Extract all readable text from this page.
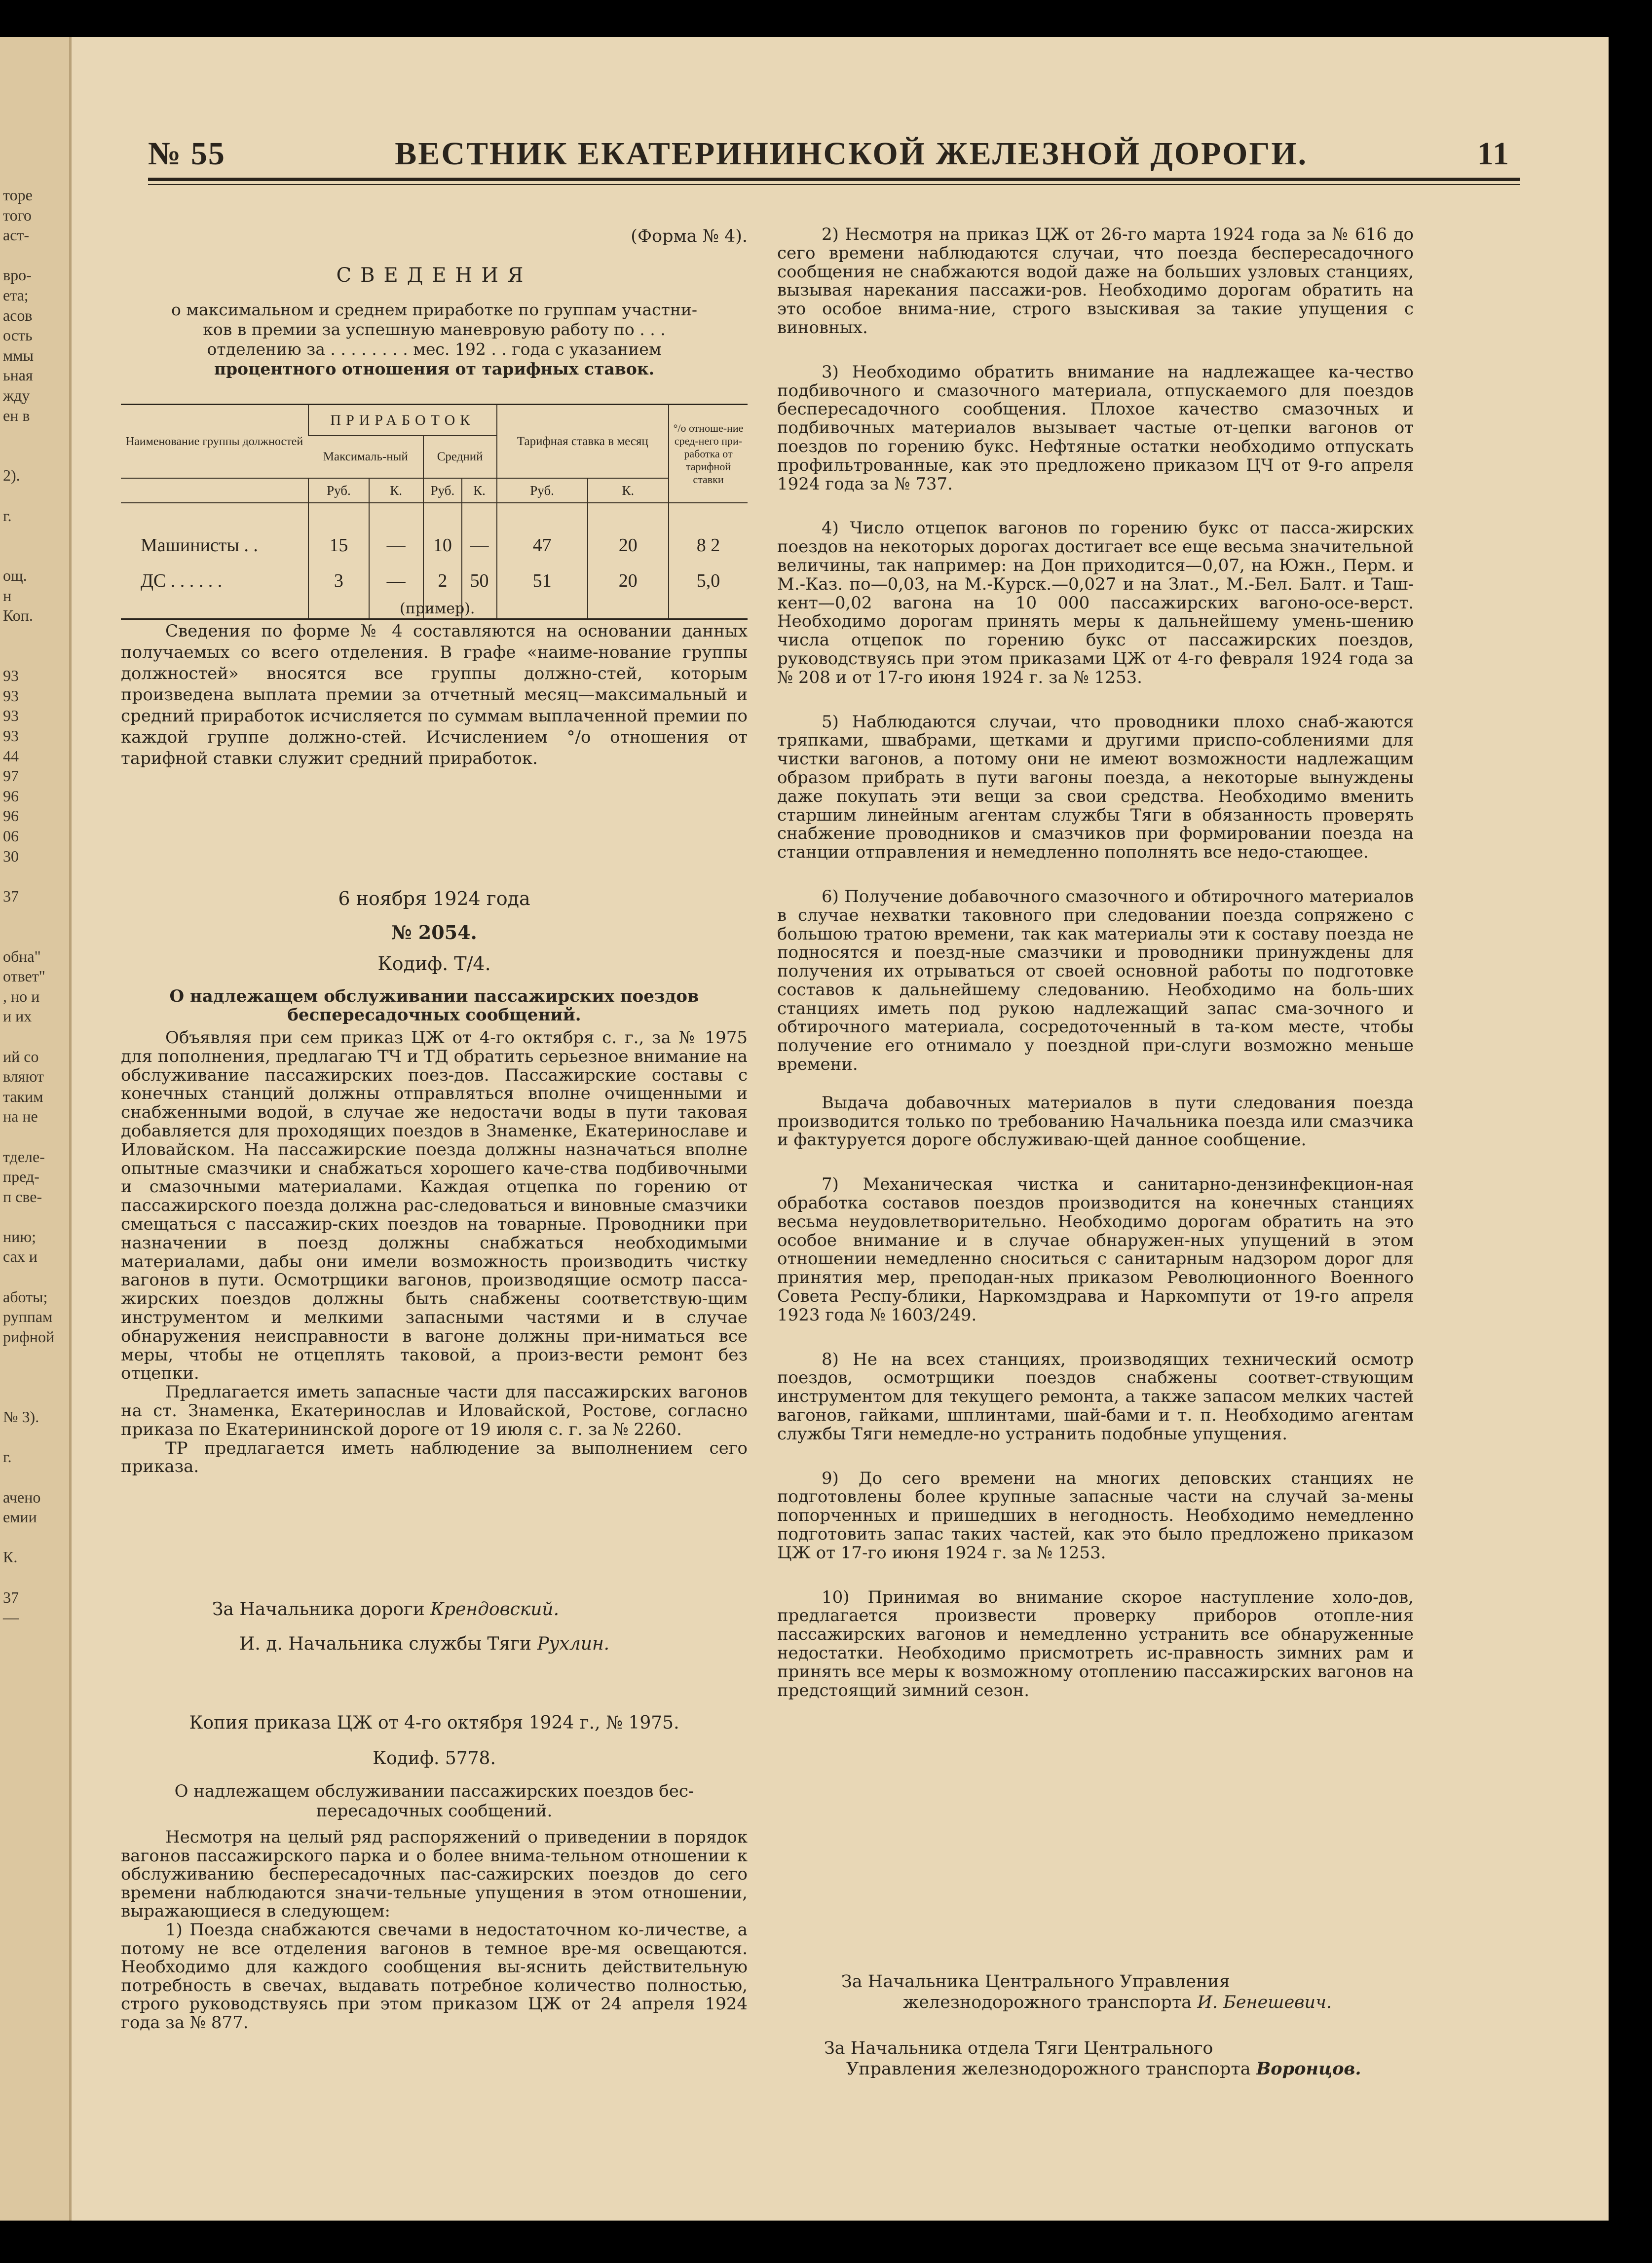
торе
того
аст-
вро-
ета;
асов
ость
ммы
ьная
жду
ен в
2).
г.
ощ.
н
Коп.
93
93
93
93
44
97
96
96
06
30
37
обна"
ответ"
, но и
и их
ий со
вляют
таким
на не
тделе-
пред-
п све-
нию;
сах и
аботы;
руппам
рифной
№ 3).
г.
ачено
емии
К.
37
—
№ 55	ВЕСТНИК ЕКАТЕРИНИНСКОЙ ЖЕЛЕЗНОЙ ДОРОГИ.	11
(Форма № 4).
СВЕДЕНИЯ
о максимальном и среднем приработке по группам участни-
ков в премии за успешную маневровую работу по . . .
отделению за . . . . . . . . мес. 192 . . года с указанием
процентного отношения от тарифных ставок.
Наименование группы должностей	ПРИРАБОТОК				Тарифная ставка в месяц		°/о отноше-ние сред-него при-работка от тарифной ставки
	Максималь-ный		Средний				
	Руб.	К.	Руб.	К.	Руб.	К.	

Машинисты . .	15	—	10	—	47	20	8 2
ДС . . . . . .	3	—	2	50	51	20	5,0

(пример).
Сведения по форме № 4 составляются на основании данных получаемых со всего отделения. В графе «наиме-нование группы должностей» вносятся все группы должно-стей, которым произведена выплата премии за отчетный месяц—максимальный и средний приработок исчисляется по суммам выплаченной премии по каждой группе должно-стей. Исчислением °/о отношения от тарифной ставки служит средний приработок.
6 ноября 1924 года
№ 2054.
Кодиф. Т/4.
О надлежащем обслуживании пассажирских поездов беспересадочных сообщений.

Объявляя при сем приказ ЦЖ от 4-го октября с. г., за № 1975 для пополнения, предлагаю ТЧ и ТД обратить серьезное внимание на обслуживание пассажирских поез-дов. Пассажирские составы с конечных станций должны отправляться вполне очищенными и снабженными водой, в случае же недостачи воды в пути таковая добавляется для проходящих поездов в Знаменке, Екатеринославе и Иловайском. На пассажирские поезда должны назначаться вполне опытные смазчики и снабжаться хорошего каче-ства подбивочными и смазочными материалами. Каждая отцепка по горению от пассажирского поезда должна рас-следоваться и виновные смазчики смещаться с пассажир-ских поездов на товарные. Проводники при назначении в поезд должны снабжаться необходимыми материалами, дабы они имели возможность производить чистку вагонов в пути. Осмотрщики вагонов, производящие осмотр пасса-жирских поездов должны быть снабжены соответствую-щим инструментом и мелкими запасными частями и в случае обнаружения неисправности в вагоне должны при-ниматься все меры, чтобы не отцеплять таковой, а произ-вести ремонт без отцепки.

Предлагается иметь запасные части для пассажирских вагонов на ст. Знаменка, Екатеринослав и Иловайской, Ростове, согласно приказа по Екатерининской дороге от 19 июля с. г. за № 2260.

ТР предлагается иметь наблюдение за выполнением сего приказа.

За Начальника дороги Крендовский.
И. д. Начальника службы Тяги Рухлин.
Копия приказа ЦЖ от 4-го октября 1924 г., № 1975.
Кодиф. 5778.
О надлежащем обслуживании пассажирских поездов бес-пересадочных сообщений.

Несмотря на целый ряд распоряжений о приведении в порядок вагонов пассажирского парка и о более внима-тельном отношении к обслуживанию беспересадочных пас-сажирских поездов до сего времени наблюдаются значи-тельные упущения в этом отношении, выражающиеся в следующем:

1) Поезда снабжаются свечами в недостаточном ко-личестве, а потому не все отделения вагонов в темное вре-мя освещаются. Необходимо для каждого сообщения вы-яснить действительную потребность в свечах, выдавать потребное количество полностью, строго руководствуясь при этом приказом ЦЖ от 24 апреля 1924 года за № 877.

2) Несмотря на приказ ЦЖ от 26-го марта 1924 года за № 616 до сего времени наблюдаются случаи, что поезда беспересадочного сообщения не снабжаются водой даже на больших узловых станциях, вызывая нарекания пассажи-ров. Необходимо дорогам обратить на это особое внима-ние, строго взыскивая за такие упущения с виновных.

3) Необходимо обратить внимание на надлежащее ка-чество подбивочного и смазочного материала, отпускаемого для поездов беспересадочного сообщения. Плохое качество смазочных и подбивочных материалов вызывает частые от-цепки вагонов от поездов по горению букс. Нефтяные остатки необходимо отпускать профильтрованные, как это предложено приказом ЦЧ от 9-го апреля 1924 года за № 737.

4) Число отцепок вагонов по горению букс от пасса-жирских поездов на некоторых дорогах достигает все еще весьма значительной величины, так например: на Дон приходится—0,07, на Южн., Перм. и М.-Каз. по—0,03, на М.-Курск.—0,027 и на Злат., М.-Бел. Балт. и Таш-кент—0,02 вагона на 10 000 пассажирских вагоно-осе-верст. Необходимо дорогам принять меры к дальнейшему умень-шению числа отцепок по горению букс от пассажирских поездов, руководствуясь при этом приказами ЦЖ от 4-го февраля 1924 года за № 208 и от 17-го июня 1924 г. за № 1253.

5) Наблюдаются случаи, что проводники плохо снаб-жаются тряпками, швабрами, щетками и другими приспо-соблениями для чистки вагонов, а потому они не имеют возможности надлежащим образом прибрать в пути вагоны поезда, а некоторые вынуждены даже покупать эти вещи за свои средства. Необходимо вменить старшим линейным агентам службы Тяги в обязанность проверять снабжение проводников и смазчиков при формировании поезда на станции отправления и немедленно пополнять все недо-стающее.

6) Получение добавочного смазочного и обтирочного материалов в случае нехватки таковного при следовании поезда сопряжено с большою тратою времени, так как материалы эти к составу поезда не подносятся и поезд-ные смазчики и проводники принуждены для получения их отрываться от своей основной работы по подготовке составов к дальнейшему следованию. Необходимо на боль-ших станциях иметь под рукою надлежащий запас сма-зочного и обтирочного материала, сосредоточенный в та-ком месте, чтобы получение его отнимало у поездной при-слуги возможно меньше времени.

Выдача добавочных материалов в пути следования поезда производится только по требованию Начальника поезда или смазчика и фактуруется дороге обслуживаю-щей данное сообщение.

7) Механическая чистка и санитарно-дензинфекцион-ная обработка составов поездов производится на конечных станциях весьма неудовлетворительно. Необходимо дорогам обратить на это особое внимание и в случае обнаружен-ных упущений в этом отношении немедленно сноситься с санитарным надзором дорог для принятия мер, преподан-ных приказом Революционного Военного Совета Респу-блики, Наркомздрава и Наркомпути от 19-го апреля 1923 года № 1603/249.

8) Не на всех станциях, производящих технический осмотр поездов, осмотрщики поездов снабжены соответ-ствующим инструментом для текущего ремонта, а также запасом мелких частей вагонов, гайками, шплинтами, шай-бами и т. п. Необходимо агентам службы Тяги немедле-но устранить подобные упущения.

9) До сего времени на многих деповских станциях не подготовлены более крупные запасные части на случай за-мены попорченных и пришедших в негодность. Необходимо немедленно подготовить запас таких частей, как это было предложено приказом ЦЖ от 17-го июня 1924 г. за № 1253.

10) Принимая во внимание скорое наступление холо-дов, предлагается произвести проверку приборов отопле-ния пассажирских вагонов и немедленно устранить все обнаруженные недостатки. Необходимо присмотреть ис-правность зимних рам и принять все меры к возможному отоплению пассажирских вагонов на предстоящий зимний сезон.

За Начальника Центрального Управления
железнодорожного транспорта И. Бенешевич.
За Начальника отдела Тяги Центрального
Управления железнодорожного транспорта Воронцов.
